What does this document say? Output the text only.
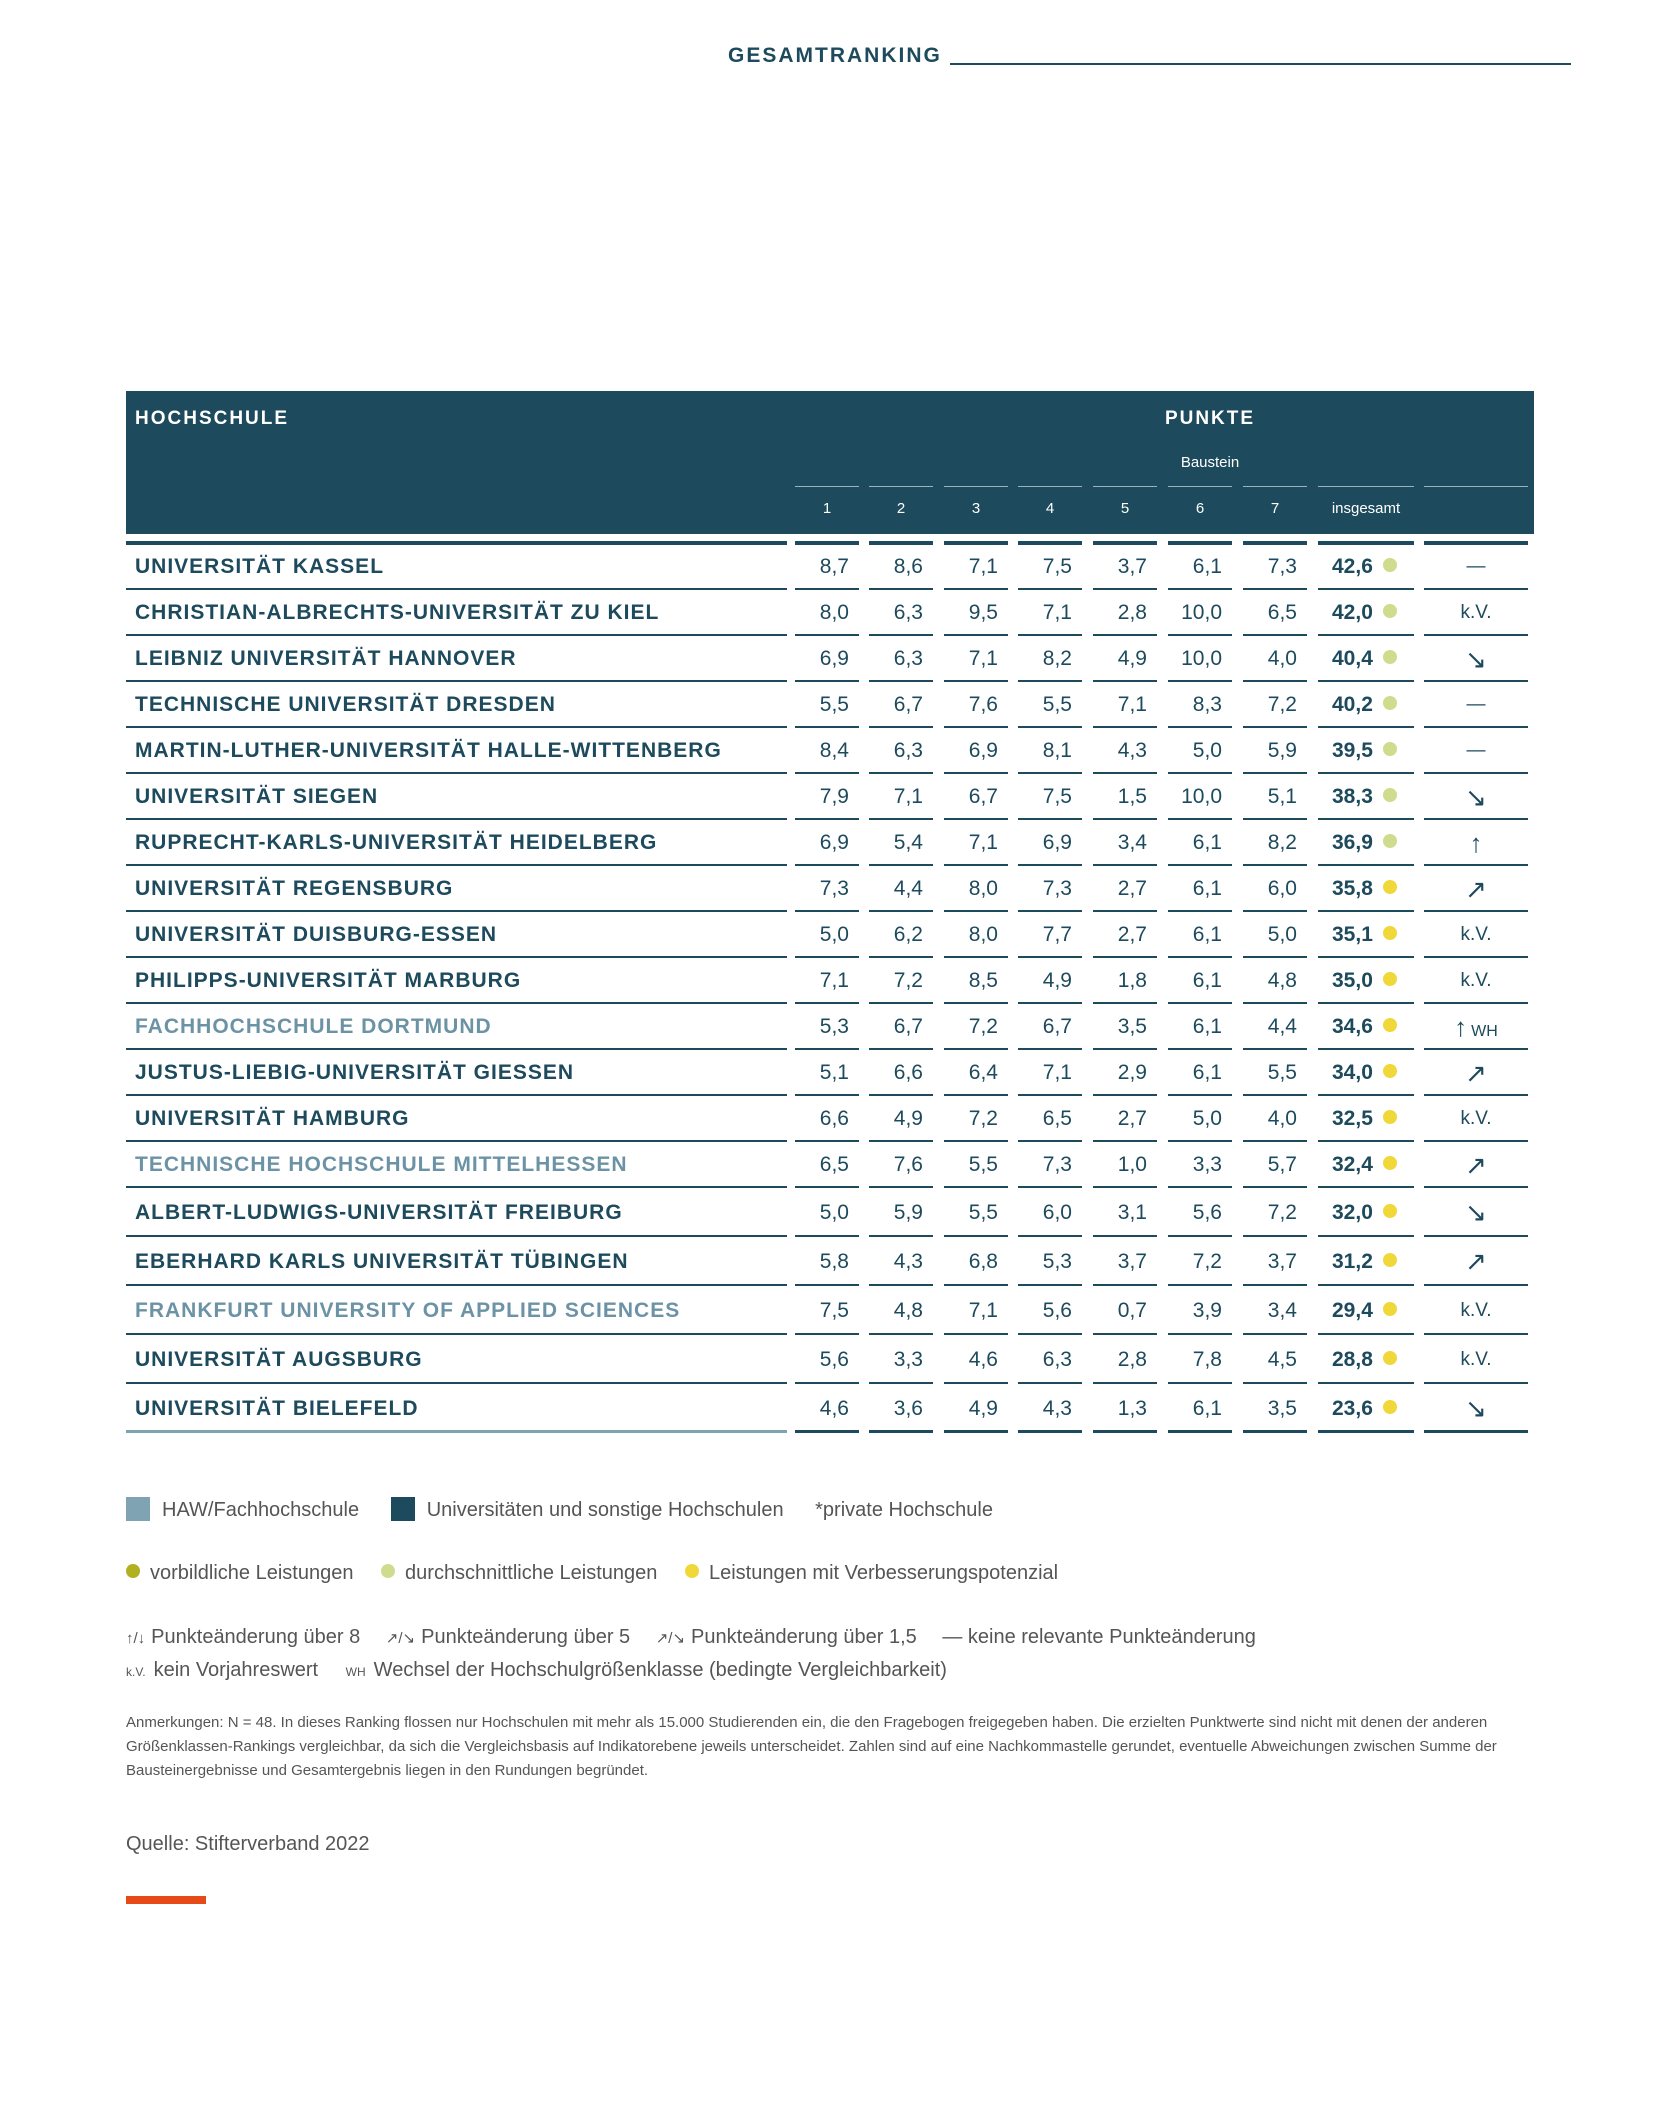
GESAMTRANKING
HOCHSCHULE	PUNKTE
Baustein
1	2	3	4	5	6	7	insgesamt
UNIVERSITÄT KASSEL	8,7	8,6	7,1	7,5	3,7	6,1	7,3	42,6	—
CHRISTIAN-ALBRECHTS-UNIVERSITÄT ZU KIEL	8,0	6,3	9,5	7,1	2,8	10,0	6,5	42,0	k.V.
LEIBNIZ UNIVERSITÄT HANNOVER	6,9	6,3	7,1	8,2	4,9	10,0	4,0	40,4	↘
TECHNISCHE UNIVERSITÄT DRESDEN	5,5	6,7	7,6	5,5	7,1	8,3	7,2	40,2	—
MARTIN-LUTHER-UNIVERSITÄT HALLE-WITTENBERG	8,4	6,3	6,9	8,1	4,3	5,0	5,9	39,5	—
UNIVERSITÄT SIEGEN	7,9	7,1	6,7	7,5	1,5	10,0	5,1	38,3	↘
RUPRECHT-KARLS-UNIVERSITÄT HEIDELBERG	6,9	5,4	7,1	6,9	3,4	6,1	8,2	36,9	↑
UNIVERSITÄT REGENSBURG	7,3	4,4	8,0	7,3	2,7	6,1	6,0	35,8	↗
UNIVERSITÄT DUISBURG-ESSEN	5,0	6,2	8,0	7,7	2,7	6,1	5,0	35,1	k.V.
PHILIPPS-UNIVERSITÄT MARBURG	7,1	7,2	8,5	4,9	1,8	6,1	4,8	35,0	k.V.
FACHHOCHSCHULE DORTMUND	5,3	6,7	7,2	6,7	3,5	6,1	4,4	34,6	↑ WH
JUSTUS-LIEBIG-UNIVERSITÄT GIESSEN	5,1	6,6	6,4	7,1	2,9	6,1	5,5	34,0	↗
UNIVERSITÄT HAMBURG	6,6	4,9	7,2	6,5	2,7	5,0	4,0	32,5	k.V.
TECHNISCHE HOCHSCHULE MITTELHESSEN	6,5	7,6	5,5	7,3	1,0	3,3	5,7	32,4	↗
ALBERT-LUDWIGS-UNIVERSITÄT FREIBURG	5,0	5,9	5,5	6,0	3,1	5,6	7,2	32,0	↘
EBERHARD KARLS UNIVERSITÄT TÜBINGEN	5,8	4,3	6,8	5,3	3,7	7,2	3,7	31,2	↗
FRANKFURT UNIVERSITY OF APPLIED SCIENCES	7,5	4,8	7,1	5,6	0,7	3,9	3,4	29,4	k.V.
UNIVERSITÄT AUGSBURG	5,6	3,3	4,6	6,3	2,8	7,8	4,5	28,8	k.V.
UNIVERSITÄT BIELEFELD	4,6	3,6	4,9	4,3	1,3	6,1	3,5	23,6	↘
HAW/Fachhochschule	Universitäten und sonstige Hochschulen *private Hochschule
vorbildliche Leistungen	durchschnittliche Leistungen	Leistungen mit Verbesserungspotenzial
↑/↓ Punkteänderung über 8 ↗/↘ Punkteänderung über 5 ↗/↘ Punkteänderung über 1,5 — keine relevante Punkteänderung
k.V. kein Vorjahreswert WH Wechsel der Hochschulgrößenklasse (bedingte Vergleichbarkeit)
Anmerkungen: N = 48. In dieses Ranking flossen nur Hochschulen mit mehr als 15.000 Studierenden ein, die den Fragebogen freigegeben haben. Die erzielten Punktwerte sind nicht mit denen der anderen Größenklassen-Rankings vergleichbar, da sich die Vergleichsbasis auf Indikatorebene jeweils unterscheidet. Zahlen sind auf eine Nachkommastelle gerundet, eventuelle Abweichungen zwischen Summe der Bausteinergebnisse und Gesamtergebnis liegen in den Rundungen begründet.
Quelle: Stifterverband 2022
